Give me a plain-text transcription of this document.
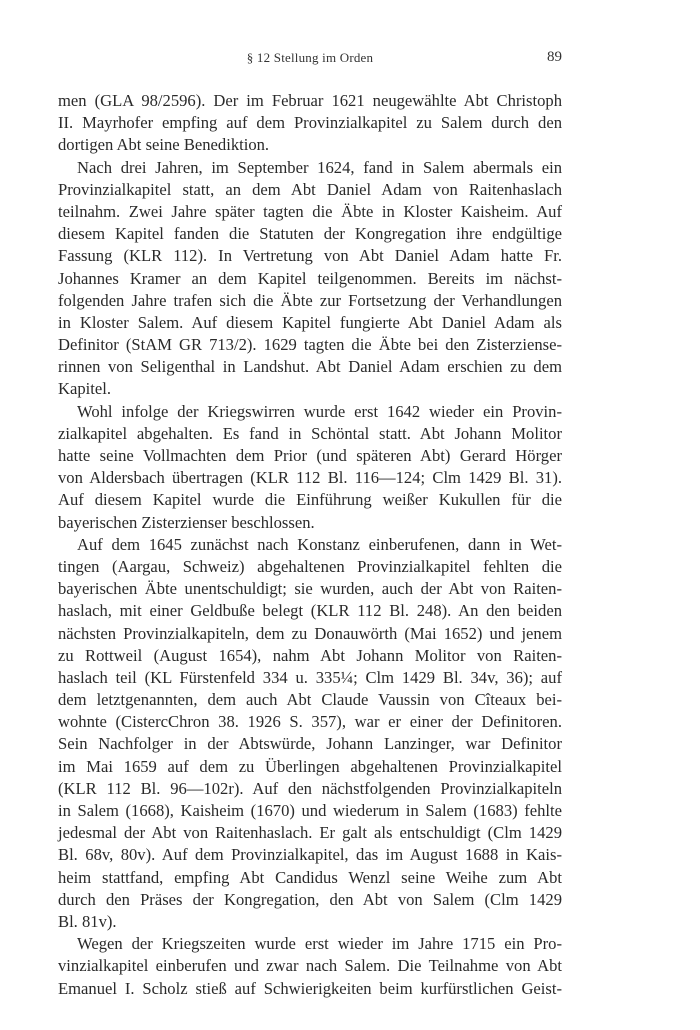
§ 12 Stellung im Orden	89
men (GLA 98/2596). Der im Februar 1621 neugewählte Abt Christoph
II. Mayrhofer empfing auf dem Provinzialkapitel zu Salem durch den
dortigen Abt seine Benediktion.
Nach drei Jahren, im September 1624, fand in Salem abermals ein
Provinzialkapitel statt, an dem Abt Daniel Adam von Raitenhaslach
teilnahm. Zwei Jahre später tagten die Äbte in Kloster Kaisheim. Auf
diesem Kapitel fanden die Statuten der Kongregation ihre endgültige
Fassung (KLR 112). In Vertretung von Abt Daniel Adam hatte Fr.
Johannes Kramer an dem Kapitel teilgenommen. Bereits im nächst-
folgenden Jahre trafen sich die Äbte zur Fortsetzung der Verhandlungen
in Kloster Salem. Auf diesem Kapitel fungierte Abt Daniel Adam als
Definitor (StAM GR 713/2). 1629 tagten die Äbte bei den Zisterziense-
rinnen von Seligenthal in Landshut. Abt Daniel Adam erschien zu dem
Kapitel.
Wohl infolge der Kriegswirren wurde erst 1642 wieder ein Provin-
zialkapitel abgehalten. Es fand in Schöntal statt. Abt Johann Molitor
hatte seine Vollmachten dem Prior (und späteren Abt) Gerard Hörger
von Aldersbach übertragen (KLR 112 Bl. 116—124; Clm 1429 Bl. 31).
Auf diesem Kapitel wurde die Einführung weißer Kukullen für die
bayerischen Zisterzienser beschlossen.
Auf dem 1645 zunächst nach Konstanz einberufenen, dann in Wet-
tingen (Aargau, Schweiz) abgehaltenen Provinzialkapitel fehlten die
bayerischen Äbte unentschuldigt; sie wurden, auch der Abt von Raiten-
haslach, mit einer Geldbuße belegt (KLR 112 Bl. 248). An den beiden
nächsten Provinzialkapiteln, dem zu Donauwörth (Mai 1652) und jenem
zu Rottweil (August 1654), nahm Abt Johann Molitor von Raiten-
haslach teil (KL Fürstenfeld 334 u. 335¼; Clm 1429 Bl. 34v, 36); auf
dem letztgenannten, dem auch Abt Claude Vaussin von Cîteaux bei-
wohnte (CistercChron 38. 1926 S. 357), war er einer der Definitoren.
Sein Nachfolger in der Abtswürde, Johann Lanzinger, war Definitor
im Mai 1659 auf dem zu Überlingen abgehaltenen Provinzialkapitel
(KLR 112 Bl. 96—102r). Auf den nächstfolgenden Provinzialkapiteln
in Salem (1668), Kaisheim (1670) und wiederum in Salem (1683) fehlte
jedesmal der Abt von Raitenhaslach. Er galt als entschuldigt (Clm 1429
Bl. 68v, 80v). Auf dem Provinzialkapitel, das im August 1688 in Kais-
heim stattfand, empfing Abt Candidus Wenzl seine Weihe zum Abt
durch den Präses der Kongregation, den Abt von Salem (Clm 1429
Bl. 81v).
Wegen der Kriegszeiten wurde erst wieder im Jahre 1715 ein Pro-
vinzialkapitel einberufen und zwar nach Salem. Die Teilnahme von Abt
Emanuel I. Scholz stieß auf Schwierigkeiten beim kurfürstlichen Geist-
